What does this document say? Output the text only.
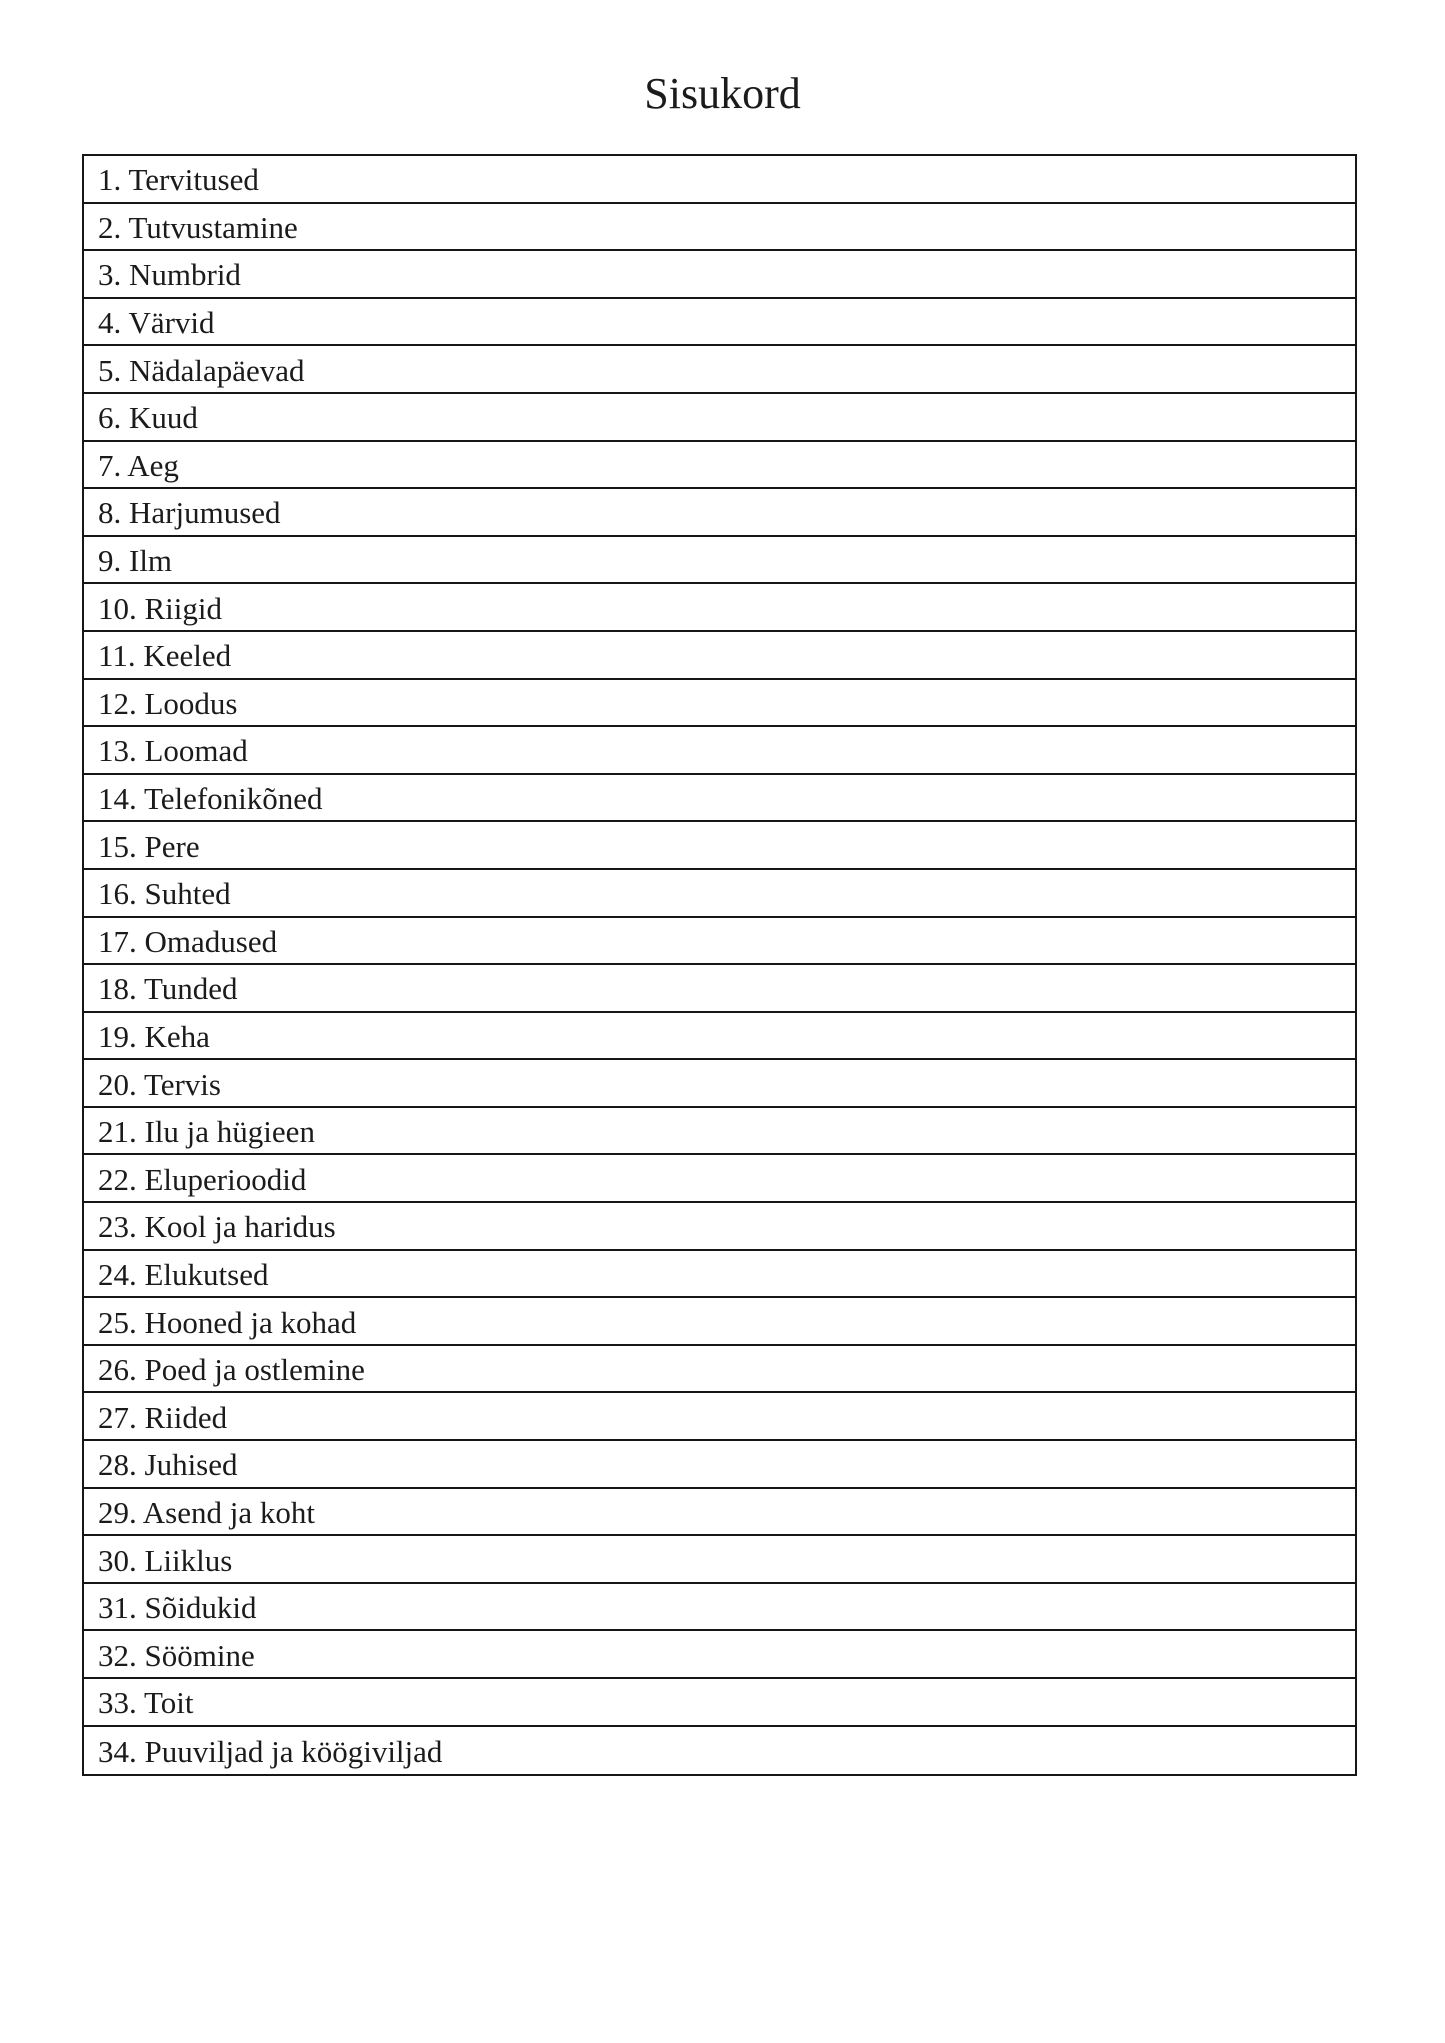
Sisukord
1. Tervitused
2. Tutvustamine
3. Numbrid
4. Värvid
5. Nädalapäevad
6. Kuud
7. Aeg
8. Harjumused
9. Ilm
10. Riigid
11. Keeled
12. Loodus
13. Loomad
14. Telefonikõned
15. Pere
16. Suhted
17. Omadused
18. Tunded
19. Keha
20. Tervis
21. Ilu ja hügieen
22. Eluperioodid
23. Kool ja haridus
24. Elukutsed
25. Hooned ja kohad
26. Poed ja ostlemine
27. Riided
28. Juhised
29. Asend ja koht
30. Liiklus
31. Sõidukid
32. Söömine
33. Toit
34. Puuviljad ja köögiviljad
